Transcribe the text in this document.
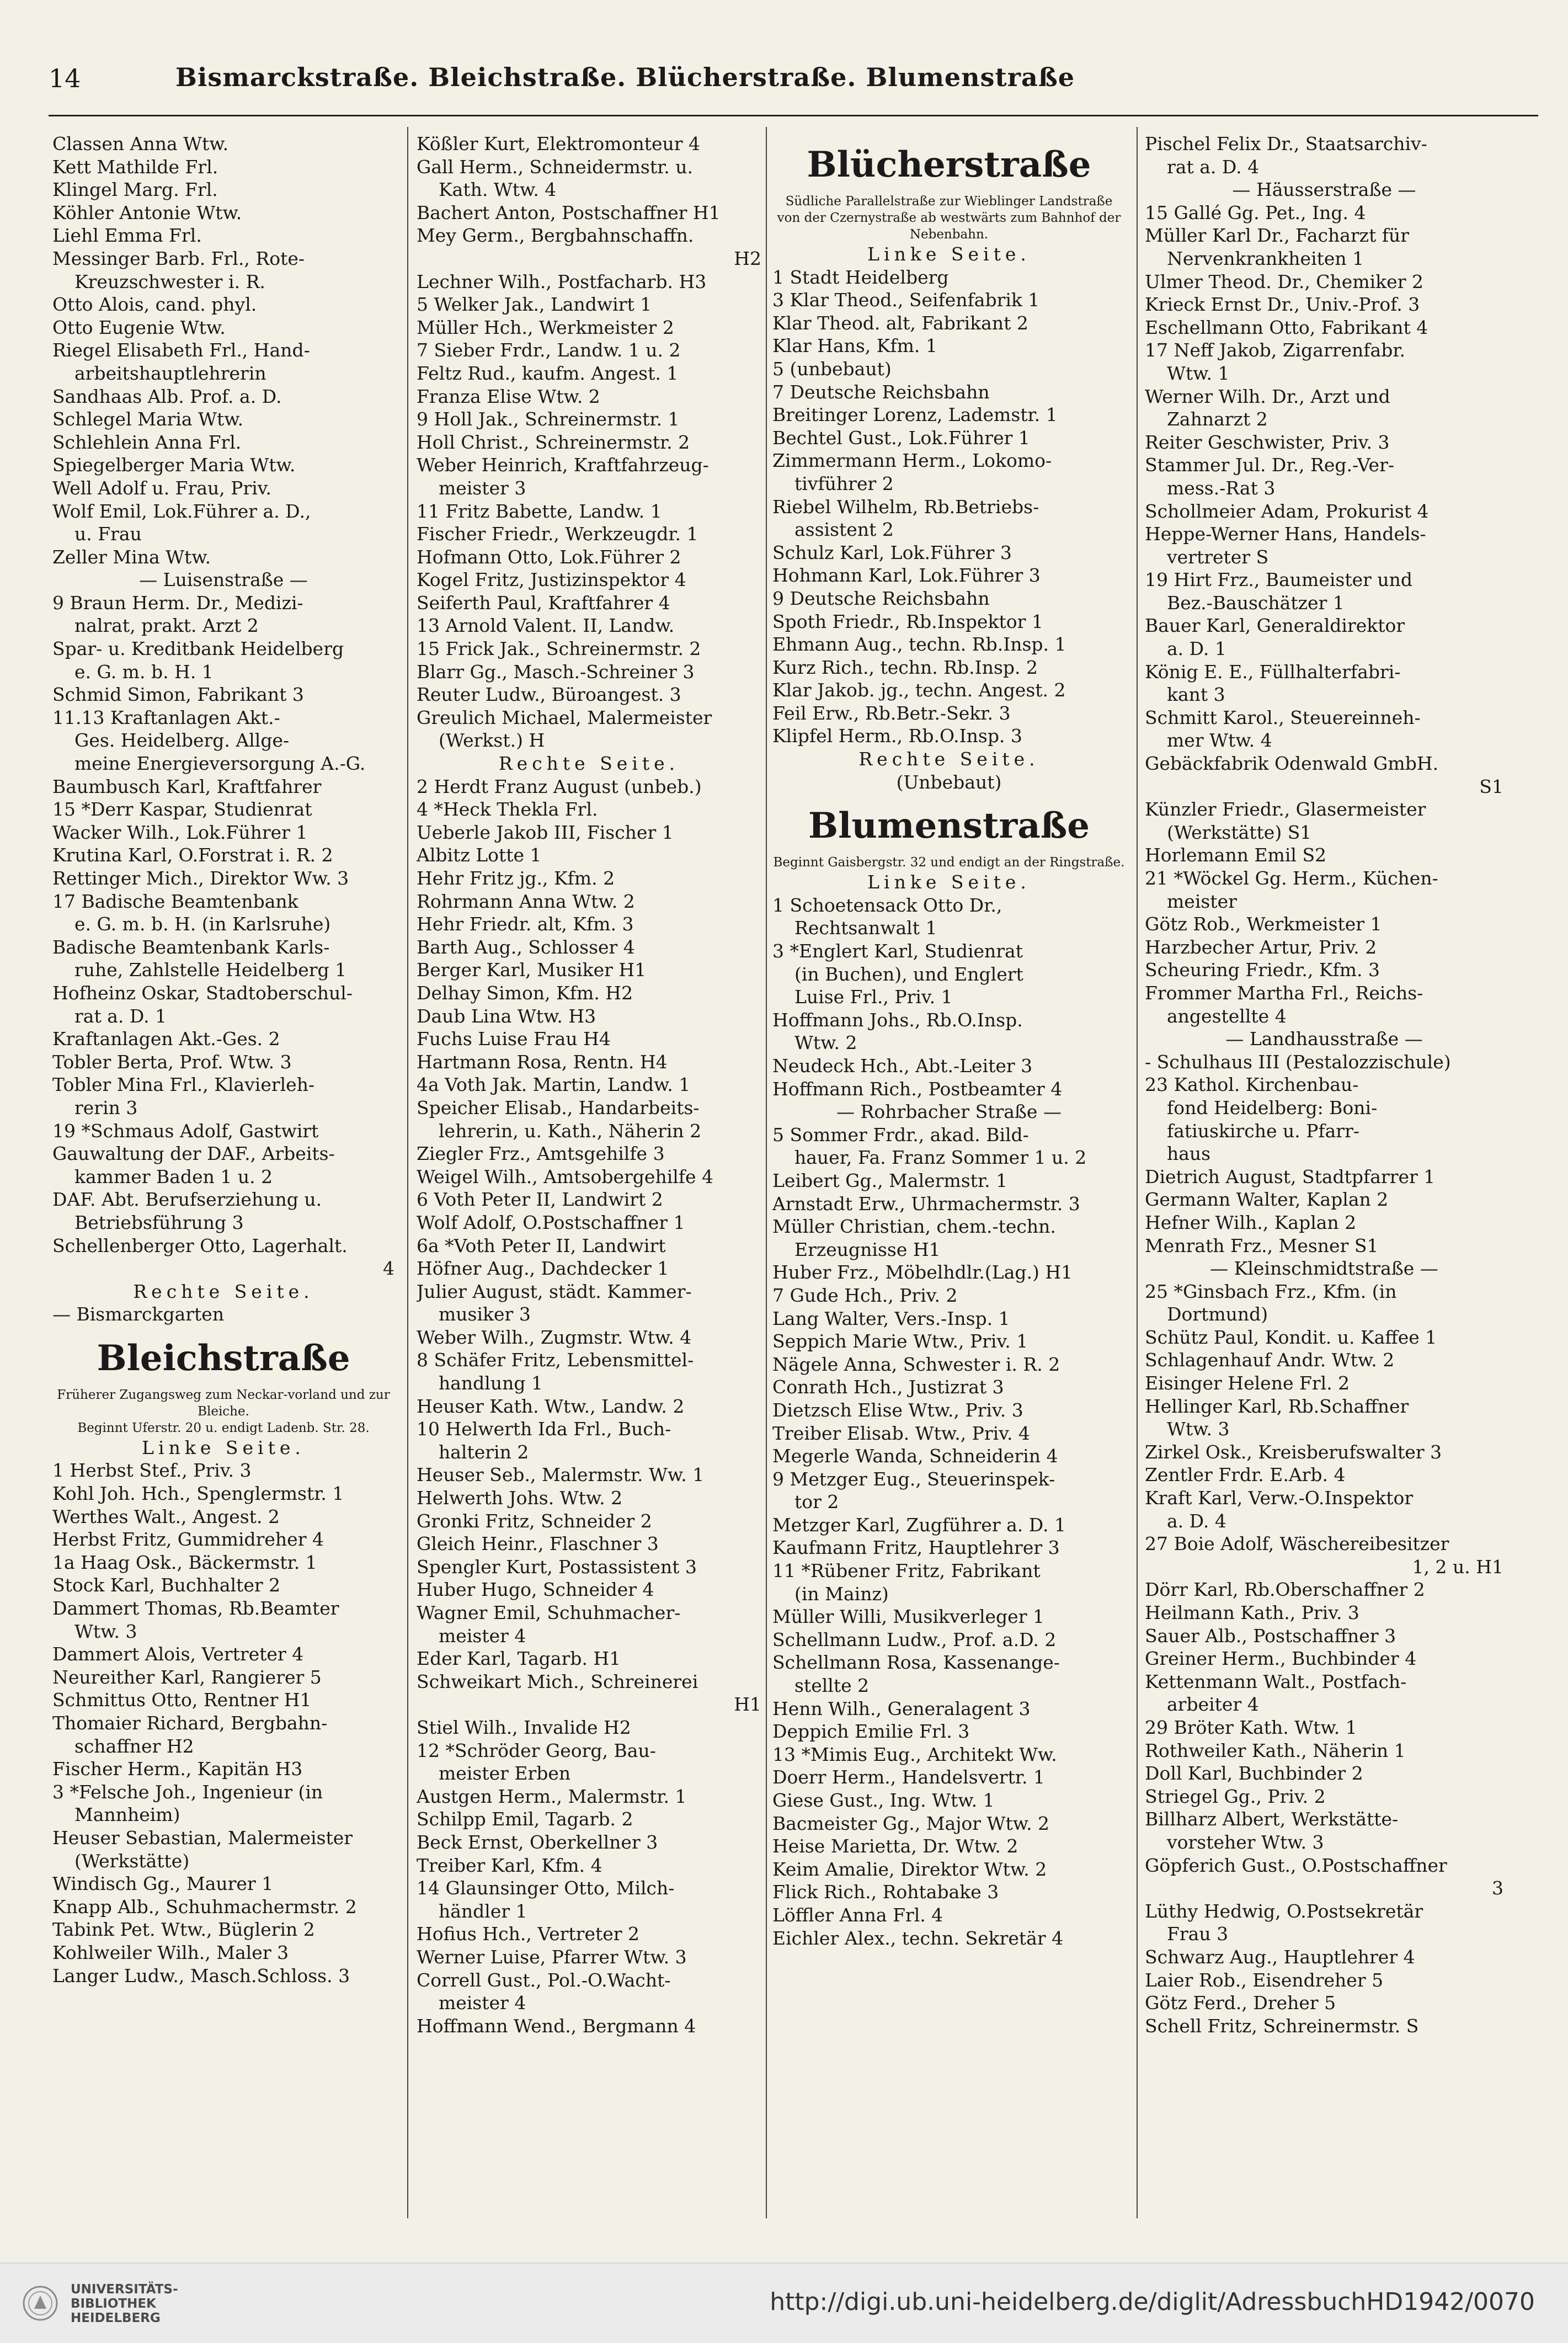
14	Bismarckstraße. Bleichstraße. Blücherstraße. Blumenstraße
Classen Anna Wtw.
Kett Mathilde Frl.
Klingel Marg. Frl.
Köhler Antonie Wtw.
Liehl Emma Frl.
Messinger Barb. Frl., Rote-
Kreuzschwester i. R.
Otto Alois, cand. phyl.
Otto Eugenie Wtw.
Riegel Elisabeth Frl., Hand-
arbeitshauptlehrerin
Sandhaas Alb. Prof. a. D.
Schlegel Maria Wtw.
Schlehlein Anna Frl.
Spiegelberger Maria Wtw.
Well Adolf u. Frau, Priv.
Wolf Emil, Lok.Führer a. D.,
u. Frau
Zeller Mina Wtw.
— Luisenstraße —
9 Braun Herm. Dr., Medizi-
nalrat, prakt. Arzt 2
Spar- u. Kreditbank Heidelberg
e. G. m. b. H. 1
Schmid Simon, Fabrikant 3
11.13 Kraftanlagen Akt.-
Ges. Heidelberg. Allge-
meine Energieversorgung A.-G.
Baumbusch Karl, Kraftfahrer
15 *Derr Kaspar, Studienrat
Wacker Wilh., Lok.Führer 1
Krutina Karl, O.Forstrat i. R. 2
Rettinger Mich., Direktor Ww. 3
17 Badische Beamtenbank
e. G. m. b. H. (in Karlsruhe)
Badische Beamtenbank Karls-
ruhe, Zahlstelle Heidelberg 1
Hofheinz Oskar, Stadtoberschul-
rat a. D. 1
Kraftanlagen Akt.-Ges. 2
Tobler Berta, Prof. Wtw. 3
Tobler Mina Frl., Klavierleh-
rerin 3
19 *Schmaus Adolf, Gastwirt
Gauwaltung der DAF., Arbeits-
kammer Baden 1 u. 2
DAF. Abt. Berufserziehung u.
Betriebsführung 3
Schellenberger Otto, Lagerhalt.
4
Rechte Seite.
— Bismarckgarten
Bleichstraße
Früherer Zugangsweg zum Neckar-vorland und zur Bleiche.
Beginnt Uferstr. 20 u. endigt Ladenb. Str. 28.
Linke Seite.
1 Herbst Stef., Priv. 3
Kohl Joh. Hch., Spenglermstr. 1
Werthes Walt., Angest. 2
Herbst Fritz, Gummidreher 4
1a Haag Osk., Bäckermstr. 1
Stock Karl, Buchhalter 2
Dammert Thomas, Rb.Beamter
Wtw. 3
Dammert Alois, Vertreter 4
Neureither Karl, Rangierer 5
Schmittus Otto, Rentner H1
Thomaier Richard, Bergbahn-
schaffner H2
Fischer Herm., Kapitän H3
3 *Felsche Joh., Ingenieur (in
Mannheim)
Heuser Sebastian, Malermeister
(Werkstätte)
Windisch Gg., Maurer 1
Knapp Alb., Schuhmachermstr. 2
Tabink Pet. Wtw., Büglerin 2
Kohlweiler Wilh., Maler 3
Langer Ludw., Masch.Schloss. 3
Kößler Kurt, Elektromonteur 4
Gall Herm., Schneidermstr. u.
Kath. Wtw. 4
Bachert Anton, Postschaffner H1
Mey Germ., Bergbahnschaffn.
H2
Lechner Wilh., Postfacharb. H3
5 Welker Jak., Landwirt 1
Müller Hch., Werkmeister 2
7 Sieber Frdr., Landw. 1 u. 2
Feltz Rud., kaufm. Angest. 1
Franza Elise Wtw. 2
9 Holl Jak., Schreinermstr. 1
Holl Christ., Schreinermstr. 2
Weber Heinrich, Kraftfahrzeug-
meister 3
11 Fritz Babette, Landw. 1
Fischer Friedr., Werkzeugdr. 1
Hofmann Otto, Lok.Führer 2
Kogel Fritz, Justizinspektor 4
Seiferth Paul, Kraftfahrer 4
13 Arnold Valent. II, Landw.
15 Frick Jak., Schreinermstr. 2
Blarr Gg., Masch.-Schreiner 3
Reuter Ludw., Büroangest. 3
Greulich Michael, Malermeister
(Werkst.) H
Rechte Seite.
2 Herdt Franz August (unbeb.)
4 *Heck Thekla Frl.
Ueberle Jakob III, Fischer 1
Albitz Lotte 1
Hehr Fritz jg., Kfm. 2
Rohrmann Anna Wtw. 2
Hehr Friedr. alt, Kfm. 3
Barth Aug., Schlosser 4
Berger Karl, Musiker H1
Delhay Simon, Kfm. H2
Daub Lina Wtw. H3
Fuchs Luise Frau H4
Hartmann Rosa, Rentn. H4
4a Voth Jak. Martin, Landw. 1
Speicher Elisab., Handarbeits-
lehrerin, u. Kath., Näherin 2
Ziegler Frz., Amtsgehilfe 3
Weigel Wilh., Amtsobergehilfe 4
6 Voth Peter II, Landwirt 2
Wolf Adolf, O.Postschaffner 1
6a *Voth Peter II, Landwirt
Höfner Aug., Dachdecker 1
Julier August, städt. Kammer-
musiker 3
Weber Wilh., Zugmstr. Wtw. 4
8 Schäfer Fritz, Lebensmittel-
handlung 1
Heuser Kath. Wtw., Landw. 2
10 Helwerth Ida Frl., Buch-
halterin 2
Heuser Seb., Malermstr. Ww. 1
Helwerth Johs. Wtw. 2
Gronki Fritz, Schneider 2
Gleich Heinr., Flaschner 3
Spengler Kurt, Postassistent 3
Huber Hugo, Schneider 4
Wagner Emil, Schuhmacher-
meister 4
Eder Karl, Tagarb. H1
Schweikart Mich., Schreinerei
H1
Stiel Wilh., Invalide H2
12 *Schröder Georg, Bau-
meister Erben
Austgen Herm., Malermstr. 1
Schilpp Emil, Tagarb. 2
Beck Ernst, Oberkellner 3
Treiber Karl, Kfm. 4
14 Glaunsinger Otto, Milch-
händler 1
Hofius Hch., Vertreter 2
Werner Luise, Pfarrer Wtw. 3
Correll Gust., Pol.-O.Wacht-
meister 4
Hoffmann Wend., Bergmann 4
Blücherstraße
Südliche Parallelstraße zur Wieblinger Landstraße von der Czernystraße ab westwärts zum Bahnhof der Nebenbahn.
Linke Seite.
1 Stadt Heidelberg
3 Klar Theod., Seifenfabrik 1
Klar Theod. alt, Fabrikant 2
Klar Hans, Kfm. 1
5 (unbebaut)
7 Deutsche Reichsbahn
Breitinger Lorenz, Lademstr. 1
Bechtel Gust., Lok.Führer 1
Zimmermann Herm., Lokomo-
tivführer 2
Riebel Wilhelm, Rb.Betriebs-
assistent 2
Schulz Karl, Lok.Führer 3
Hohmann Karl, Lok.Führer 3
9 Deutsche Reichsbahn
Spoth Friedr., Rb.Inspektor 1
Ehmann Aug., techn. Rb.Insp. 1
Kurz Rich., techn. Rb.Insp. 2
Klar Jakob. jg., techn. Angest. 2
Feil Erw., Rb.Betr.-Sekr. 3
Klipfel Herm., Rb.O.Insp. 3
Rechte Seite.
(Unbebaut)
Blumenstraße
Beginnt Gaisbergstr. 32 und endigt an der Ringstraße.
Linke Seite.
1 Schoetensack Otto Dr.,
Rechtsanwalt 1
3 *Englert Karl, Studienrat
(in Buchen), und Englert
Luise Frl., Priv. 1
Hoffmann Johs., Rb.O.Insp.
Wtw. 2
Neudeck Hch., Abt.-Leiter 3
Hoffmann Rich., Postbeamter 4
— Rohrbacher Straße —
5 Sommer Frdr., akad. Bild-
hauer, Fa. Franz Sommer 1 u. 2
Leibert Gg., Malermstr. 1
Arnstadt Erw., Uhrmachermstr. 3
Müller Christian, chem.-techn.
Erzeugnisse H1
Huber Frz., Möbelhdlr.(Lag.) H1
7 Gude Hch., Priv. 2
Lang Walter, Vers.-Insp. 1
Seppich Marie Wtw., Priv. 1
Nägele Anna, Schwester i. R. 2
Conrath Hch., Justizrat 3
Dietzsch Elise Wtw., Priv. 3
Treiber Elisab. Wtw., Priv. 4
Megerle Wanda, Schneiderin 4
9 Metzger Eug., Steuerinspek-
tor 2
Metzger Karl, Zugführer a. D. 1
Kaufmann Fritz, Hauptlehrer 3
11 *Rübener Fritz, Fabrikant
(in Mainz)
Müller Willi, Musikverleger 1
Schellmann Ludw., Prof. a.D. 2
Schellmann Rosa, Kassenange-
stellte 2
Henn Wilh., Generalagent 3
Deppich Emilie Frl. 3
13 *Mimis Eug., Architekt Ww.
Doerr Herm., Handelsvertr. 1
Giese Gust., Ing. Wtw. 1
Bacmeister Gg., Major Wtw. 2
Heise Marietta, Dr. Wtw. 2
Keim Amalie, Direktor Wtw. 2
Flick Rich., Rohtabake 3
Löffler Anna Frl. 4
Eichler Alex., techn. Sekretär 4
Pischel Felix Dr., Staatsarchiv-
rat a. D. 4
— Häusserstraße —
15 Gallé Gg. Pet., Ing. 4
Müller Karl Dr., Facharzt für
Nervenkrankheiten 1
Ulmer Theod. Dr., Chemiker 2
Krieck Ernst Dr., Univ.-Prof. 3
Eschellmann Otto, Fabrikant 4
17 Neff Jakob, Zigarrenfabr.
Wtw. 1
Werner Wilh. Dr., Arzt und
Zahnarzt 2
Reiter Geschwister, Priv. 3
Stammer Jul. Dr., Reg.-Ver-
mess.-Rat 3
Schollmeier Adam, Prokurist 4
Heppe-Werner Hans, Handels-
vertreter S
19 Hirt Frz., Baumeister und
Bez.-Bauschätzer 1
Bauer Karl, Generaldirektor
a. D. 1
König E. E., Füllhalterfabri-
kant 3
Schmitt Karol., Steuereinneh-
mer Wtw. 4
Gebäckfabrik Odenwald GmbH.
S1
Künzler Friedr., Glasermeister
(Werkstätte) S1
Horlemann Emil S2
21 *Wöckel Gg. Herm., Küchen-
meister
Götz Rob., Werkmeister 1
Harzbecher Artur, Priv. 2
Scheuring Friedr., Kfm. 3
Frommer Martha Frl., Reichs-
angestellte 4
— Landhausstraße —
- Schulhaus III (Pestalozzischule)
23 Kathol. Kirchenbau-
fond Heidelberg: Boni-
fatiuskirche u. Pfarr-
haus
Dietrich August, Stadtpfarrer 1
Germann Walter, Kaplan 2
Hefner Wilh., Kaplan 2
Menrath Frz., Mesner S1
— Kleinschmidtstraße —
25 *Ginsbach Frz., Kfm. (in
Dortmund)
Schütz Paul, Kondit. u. Kaffee 1
Schlagenhauf Andr. Wtw. 2
Eisinger Helene Frl. 2
Hellinger Karl, Rb.Schaffner
Wtw. 3
Zirkel Osk., Kreisberufswalter 3
Zentler Frdr. E.Arb. 4
Kraft Karl, Verw.-O.Inspektor
a. D. 4
27 Boie Adolf, Wäschereibesitzer
1, 2 u. H1
Dörr Karl, Rb.Oberschaffner 2
Heilmann Kath., Priv. 3
Sauer Alb., Postschaffner 3
Greiner Herm., Buchbinder 4
Kettenmann Walt., Postfach-
arbeiter 4
29 Bröter Kath. Wtw. 1
Rothweiler Kath., Näherin 1
Doll Karl, Buchbinder 2
Striegel Gg., Priv. 2
Billharz Albert, Werkstätte-
vorsteher Wtw. 3
Göpferich Gust., O.Postschaffner
3
Lüthy Hedwig, O.Postsekretär
Frau 3
Schwarz Aug., Hauptlehrer 4
Laier Rob., Eisendreher 5
Götz Ferd., Dreher 5
Schell Fritz, Schreinermstr. S
UNIVERSITÄTS-
BIBLIOTHEK
HEIDELBERG
http://digi.ub.uni-heidelberg.de/diglit/AdressbuchHD1942/0070
